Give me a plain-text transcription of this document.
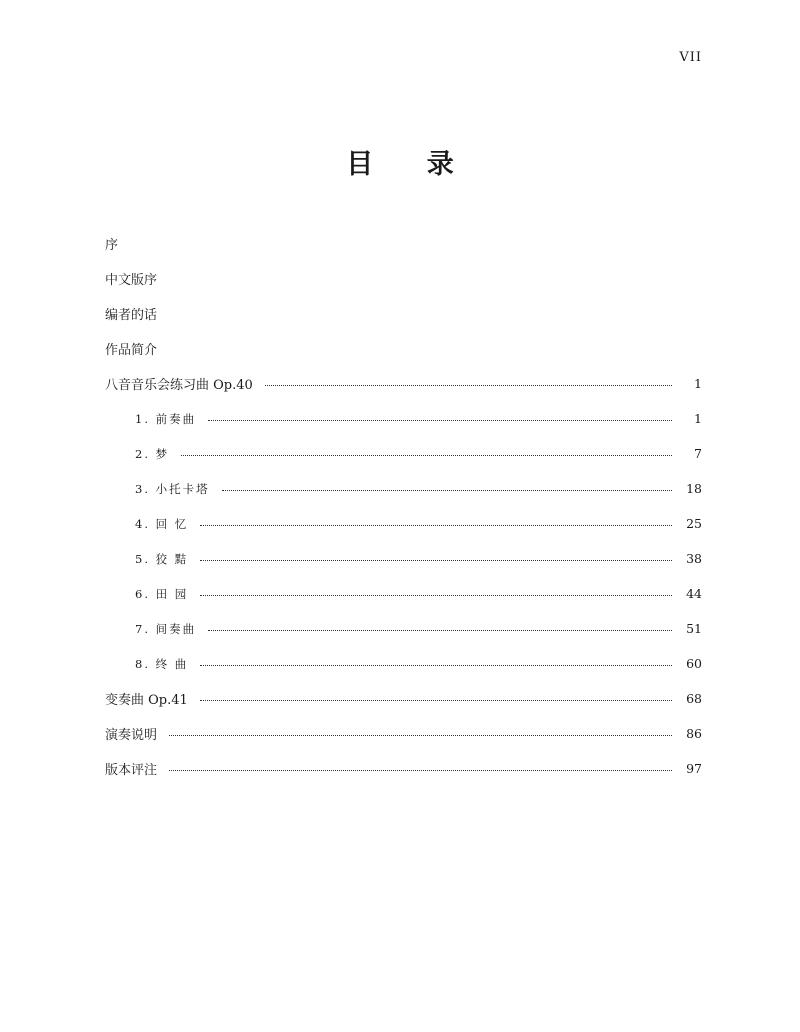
VII
目 录
序
中文版序
编者的话
作品简介
八音音乐会练习曲 Op.40	1
1. 前奏曲	1
2. 梦	7
3. 小托卡塔	18
4. 回 忆	25
5. 狡 黠	38
6. 田 园	44
7. 间奏曲	51
8. 终 曲	60
变奏曲 Op.41	68
演奏说明	86
版本评注	97
